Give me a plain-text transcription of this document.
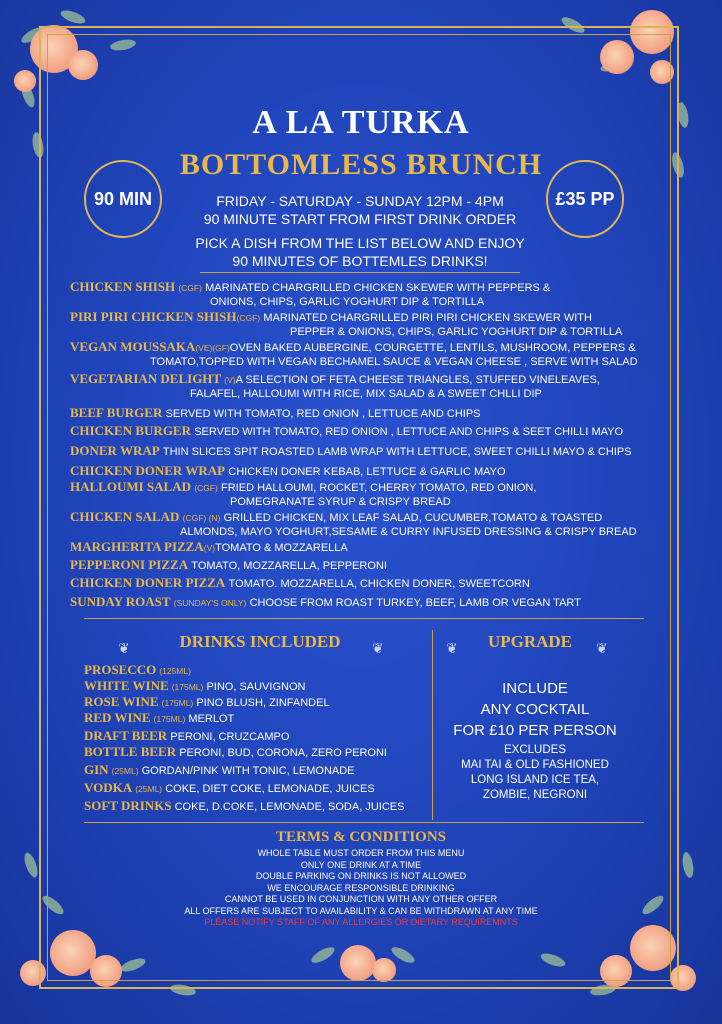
A LA TURKA
BOTTOMLESS BRUNCH
90 MIN	£35 PP
FRIDAY - SATURDAY - SUNDAY 12PM - 4PM
90 MINUTE START FROM FIRST DRINK ORDER
PICK A DISH FROM THE LIST BELOW AND ENJOY
90 MINUTES OF BOTTEMLES DRINKS!
CHICKEN SHISH (CGF) MARINATED CHARGRILLED CHICKEN SKEWER WITH PEPPERS &
ONIONS, CHIPS, GARLIC YOGHURT DIP & TORTILLA
PIRI PIRI CHICKEN SHISH(CGF) MARINATED CHARGRILLED PIRI PIRI CHICKEN SKEWER WITH
PEPPER & ONIONS, CHIPS, GARLIC YOGHURT DIP & TORTILLA
VEGAN MOUSSAKA(VE)(GF)OVEN BAKED AUBERGINE, COURGETTE, LENTILS, MUSHROOM, PEPPERS &
TOMATO,TOPPED WITH VEGAN BECHAMEL SAUCE & VEGAN CHEESE , SERVE WITH SALAD
VEGETARIAN DELIGHT (V)A SELECTION OF FETA CHEESE TRIANGLES, STUFFED VINELEAVES,
FALAFEL, HALLOUMI WITH RICE, MIX SALAD & A SWEET CHLLI DIP
BEEF BURGER SERVED WITH TOMATO, RED ONION , LETTUCE AND CHIPS
CHICKEN BURGER SERVED WITH TOMATO, RED ONION , LETTUCE AND CHIPS & SEET CHILLI MAYO
DONER WRAP THIN SLICES SPIT ROASTED LAMB WRAP WITH LETTUCE, SWEET CHILLI MAYO & CHIPS
CHICKEN DONER WRAP CHICKEN DONER KEBAB, LETTUCE & GARLIC MAYO
HALLOUMI SALAD (CGF) FRIED HALLOUMI, ROCKET, CHERRY TOMATO, RED ONION,
POMEGRANATE SYRUP & CRISPY BREAD
CHICKEN SALAD (CGF) (N) GRILLED CHICKEN, MIX LEAF SALAD, CUCUMBER,TOMATO & TOASTED
ALMONDS, MAYO YOGHURT,SESAME & CURRY INFUSED DRESSING & CRISPY BREAD
MARGHERITA PIZZA(V)TOMATO & MOZZARELLA
PEPPERONI PIZZA TOMATO, MOZZARELLA, PEPPERONI
CHICKEN DONER PIZZA TOMATO. MOZZARELLA, CHICKEN DONER, SWEETCORN
SUNDAY ROAST (SUNDAY'S ONLY) CHOOSE FROM ROAST TURKEY, BEEF, LAMB OR VEGAN TART
❦	DRINKS INCLUDED	❦
PROSECCO (125ML)
WHITE WINE (175ML) PINO, SAUVIGNON
ROSE WINE (175ML) PINO BLUSH, ZINFANDEL
RED WINE (175ML) MERLOT
DRAFT BEER PERONI, CRUZCAMPO
BOTTLE BEER PERONI, BUD, CORONA, ZERO PERONI
GIN (25ML) GORDAN/PINK WITH TONIC, LEMONADE
VODKA (25ML) COKE, DIET COKE, LEMONADE, JUICES
SOFT DRINKS COKE, D.COKE, LEMONADE, SODA, JUICES
❦	UPGRADE	❦
INCLUDE
ANY COCKTAIL
FOR £10 PER PERSON
EXCLUDES
MAI TAI & OLD FASHIONED
LONG ISLAND ICE TEA,
ZOMBIE, NEGRONI
TERMS & CONDITIONS
WHOLE TABLE MUST ORDER FROM THIS MENU
ONLY ONE DRINK AT A TIME
DOUBLE PARKING ON DRINKS IS NOT ALLOWED
WE ENCOURAGE RESPONSIBLE DRINKING
CANNOT BE USED IN CONJUNCTION WITH ANY OTHER OFFER
ALL OFFERS ARE SUBJECT TO AVAILABILITY & CAN BE WITHDRAWN AT ANY TIME
PLEASE NOTIFY STAFF OF ANY ALLERGIES OR DIETARY REQUIREMNTS
